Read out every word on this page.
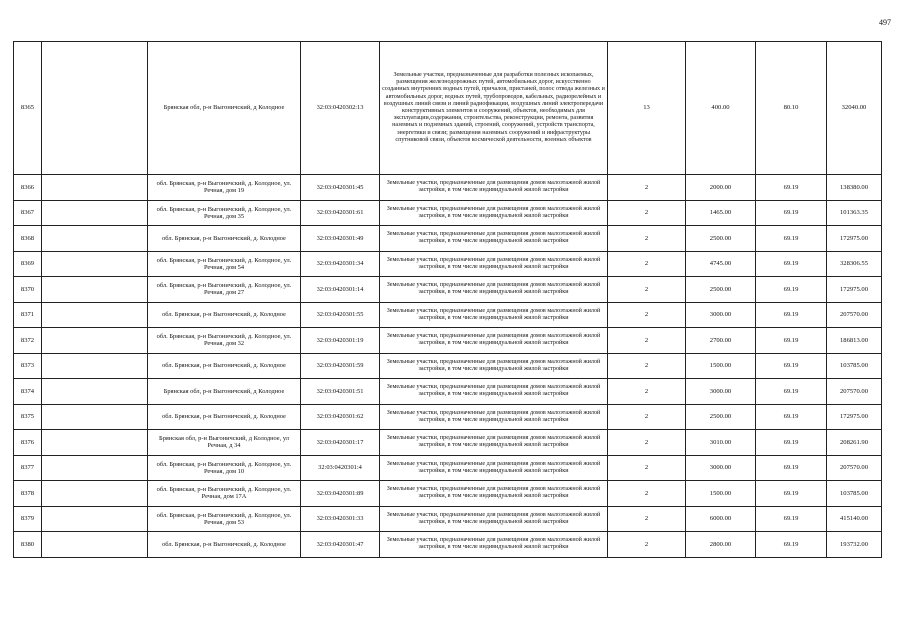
497
8365		Брянская обл, р-н Выгоничский, д Колодное	32:03:0420302:13	Земельные участки, предназначенные для разработки полезных ископаемых, размещения железнодорожных путей, автомобильных дорог, искусственно созданных внутренних водных путей, причалов, пристаней, полос отвода железных и автомобильных дорог, водных путей, трубопроводов, кабельных, радиорелейных и воздушных линий связи и линий радиофикации, воздушных линий электропередачи конструктивных элементов и сооружений, объектов, необходимых для эксплуатации,содержания, строительства, реконструкции, ремонта, развития наземных и подземных зданий, строений, сооружений, устройств транспорта, энергетики и связи; размещения наземных сооружений и инфраструктуры спутниковой связи, объектов космической деятельности, военных объектов	13	400.00	80.10	32040.00
8366		обл. Брянская, р-н Выгоничский, д. Колодное, ул. Речная, дом 19	32:03:0420301:45	Земельные участки, предназначенные для размещения домов малоэтажной жилой застройки, в том числе индивидуальной жилой застройки	2	2000.00	69.19	138380.00
8367		обл. Брянская, р-н Выгоничский, д. Колодное, ул. Речная, дом 35	32:03:0420301:61	Земельные участки, предназначенные для размещения домов малоэтажной жилой застройки, в том числе индивидуальной жилой застройки	2	1465.00	69.19	101363.35
8368		обл. Брянская, р-н Выгоничский, д. Колодное	32:03:0420301:49	Земельные участки, предназначенные для размещения домов малоэтажной жилой застройки, в том числе индивидуальной жилой застройки	2	2500.00	69.19	172975.00
8369		обл. Брянская, р-н Выгоничский, д. Колодное, ул. Речная, дом 54	32:03:0420301:34	Земельные участки, предназначенные для размещения домов малоэтажной жилой застройки, в том числе индивидуальной жилой застройки	2	4745.00	69.19	328306.55
8370		обл. Брянская, р-н Выгоничский, д. Колодное, ул. Речная, дом 27	32:03:0420301:14	Земельные участки, предназначенные для размещения домов малоэтажной жилой застройки, в том числе индивидуальной жилой застройки	2	2500.00	69.19	172975.00
8371		обл. Брянская, р-н Выгоничский, д. Колодное	32:03:0420301:55	Земельные участки, предназначенные для размещения домов малоэтажной жилой застройки, в том числе индивидуальной жилой застройки	2	3000.00	69.19	207570.00
8372		обл. Брянская, р-н Выгоничский, д. Колодное, ул. Речная, дом 32	32:03:0420301:19	Земельные участки, предназначенные для размещения домов малоэтажной жилой застройки, в том числе индивидуальной жилой застройки	2	2700.00	69.19	186813.00
8373		обл. Брянская, р-н Выгоничский, д. Колодное	32:03:0420301:59	Земельные участки, предназначенные для размещения домов малоэтажной жилой застройки, в том числе индивидуальной жилой застройки	2	1500.00	69.19	103785.00
8374		Брянская обл, р-н Выгоничский, д Колодное	32:03:0420301:51	Земельные участки, предназначенные для размещения домов малоэтажной жилой застройки, в том числе индивидуальной жилой застройки	2	3000.00	69.19	207570.00
8375		обл. Брянская, р-н Выгоничский, д. Колодное	32:03:0420301:62	Земельные участки, предназначенные для размещения домов малоэтажной жилой застройки, в том числе индивидуальной жилой застройки	2	2500.00	69.19	172975.00
8376		Брянская обл, р-н Выгоничский, д Колодное, ул Речная, д 34	32:03:0420301:17	Земельные участки, предназначенные для размещения домов малоэтажной жилой застройки, в том числе индивидуальной жилой застройки	2	3010.00	69.19	208261.90
8377		обл. Брянская, р-н Выгоничский, д. Колодное, ул. Речная, дом 10	32:03:0420301:4	Земельные участки, предназначенные для размещения домов малоэтажной жилой застройки, в том числе индивидуальной жилой застройки	2	3000.00	69.19	207570.00
8378		обл. Брянская, р-н Выгоничский, д. Колодное, ул. Речная, дом 17А	32:03:0420301:89	Земельные участки, предназначенные для размещения домов малоэтажной жилой застройки, в том числе индивидуальной жилой застройки	2	1500.00	69.19	103785.00
8379		обл. Брянская, р-н Выгоничский, д. Колодное, ул. Речная, дом 53	32:03:0420301:33	Земельные участки, предназначенные для размещения домов малоэтажной жилой застройки, в том числе индивидуальной жилой застройки	2	6000.00	69.19	415140.00
8380		обл. Брянская, р-н Выгоничский, д. Колодное	32:03:0420301:47	Земельные участки, предназначенные для размещения домов малоэтажной жилой застройки, в том числе индивидуальной жилой застройки	2	2800.00	69.19	193732.00
